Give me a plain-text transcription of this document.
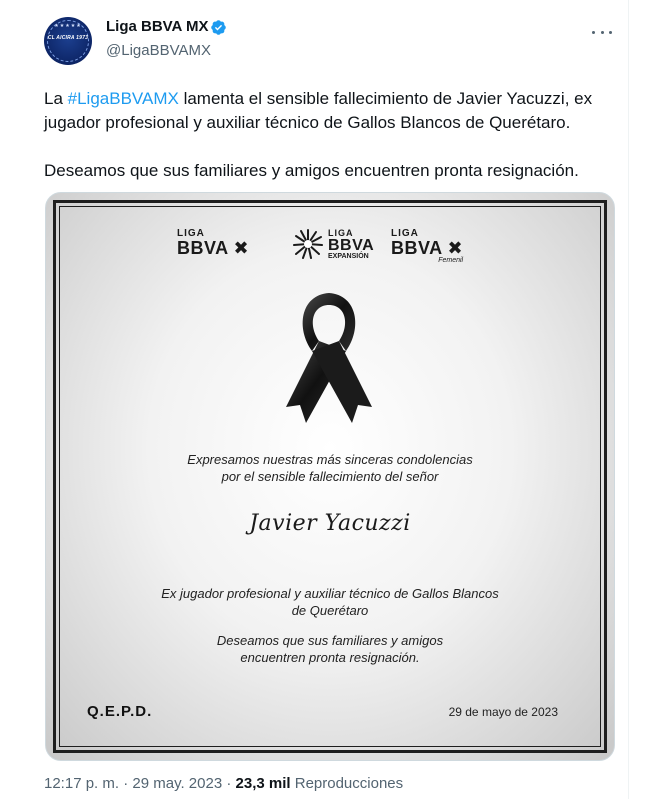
★★★★★
CL AICIRA 1973
Liga BBVA MX
@LigaBBVAMX

La #LigaBBVAMX lamenta el sensible fallecimiento de Javier Yacuzzi, ex jugador profesional y auxiliar técnico de Gallos Blancos de Querétaro.

Deseamos que sus familiares y amigos encuentren pronta resignación.

LIGA
BBVA ✖
LIGA
BBVA
EXPANSIÓN
LIGA
BBVA ✖
Femenil
Expresamos nuestras más sinceras condolencias
por el sensible fallecimiento del señor
Javier Yacuzzi
Ex jugador profesional y auxiliar técnico de Gallos Blancos
de Querétaro
Deseamos que sus familiares y amigos
encuentren pronta resignación.
Q.E.P.D.	29 de mayo de 2023
12:17 p. m. · 29 may. 2023 · 23,3 mil Reproducciones
